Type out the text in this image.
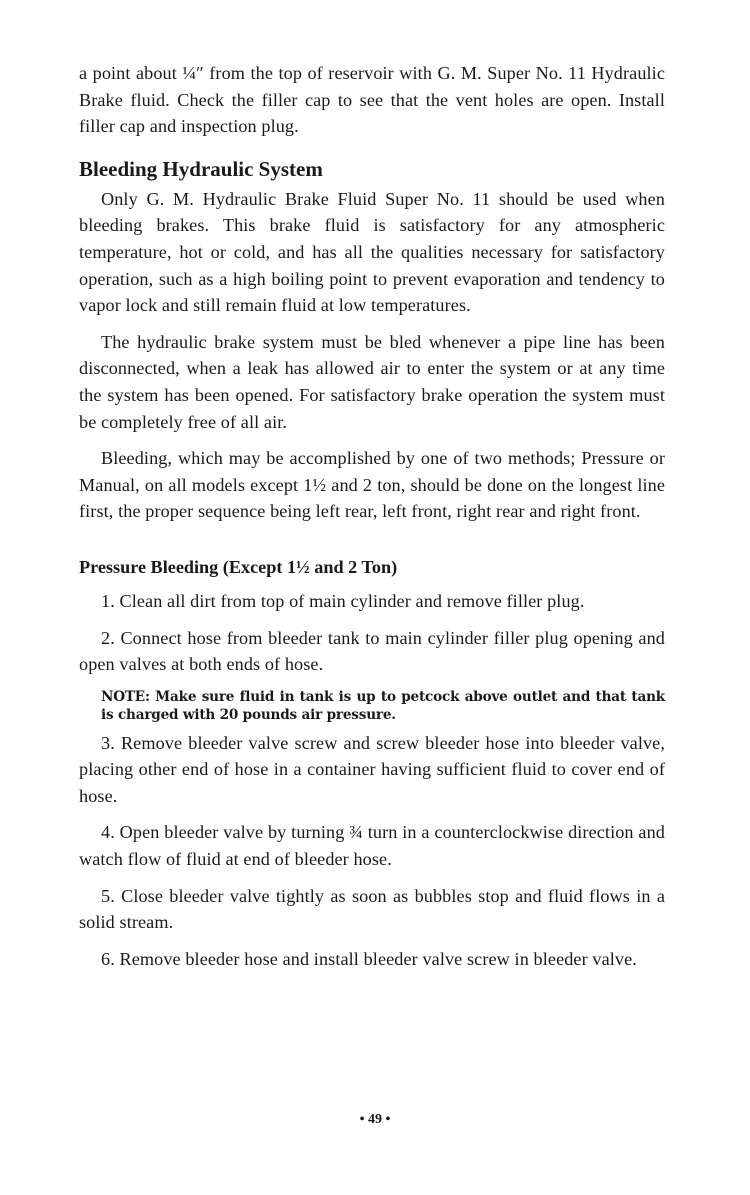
a point about ¼″ from the top of reservoir with G. M. Super No. 11 Hydraulic Brake fluid. Check the filler cap to see that the vent holes are open. Install filler cap and inspection plug.

Bleeding Hydraulic System

Only G. M. Hydraulic Brake Fluid Super No. 11 should be used when bleeding brakes. This brake fluid is satisfactory for any atmospheric temperature, hot or cold, and has all the qualities necessary for satisfactory operation, such as a high boiling point to prevent evaporation and tendency to vapor lock and still remain fluid at low temperatures.

The hydraulic brake system must be bled whenever a pipe line has been disconnected, when a leak has allowed air to enter the system or at any time the system has been opened. For satisfactory brake operation the system must be completely free of all air.

Bleeding, which may be accomplished by one of two methods; Pressure or Manual, on all models except 1½ and 2 ton, should be done on the longest line first, the proper sequence being left rear, left front, right rear and right front.

Pressure Bleeding (Except 1½ and 2 Ton)

1. Clean all dirt from top of main cylinder and remove filler plug.

2. Connect hose from bleeder tank to main cylinder filler plug opening and open valves at both ends of hose.

NOTE: Make sure fluid in tank is up to petcock above outlet and that tank is charged with 20 pounds air pressure.

3. Remove bleeder valve screw and screw bleeder hose into bleeder valve, placing other end of hose in a container having sufficient fluid to cover end of hose.

4. Open bleeder valve by turning ¾ turn in a counterclockwise direction and watch flow of fluid at end of bleeder hose.

5. Close bleeder valve tightly as soon as bubbles stop and fluid flows in a solid stream.

6. Remove bleeder hose and install bleeder valve screw in bleeder valve.

• 49 •
